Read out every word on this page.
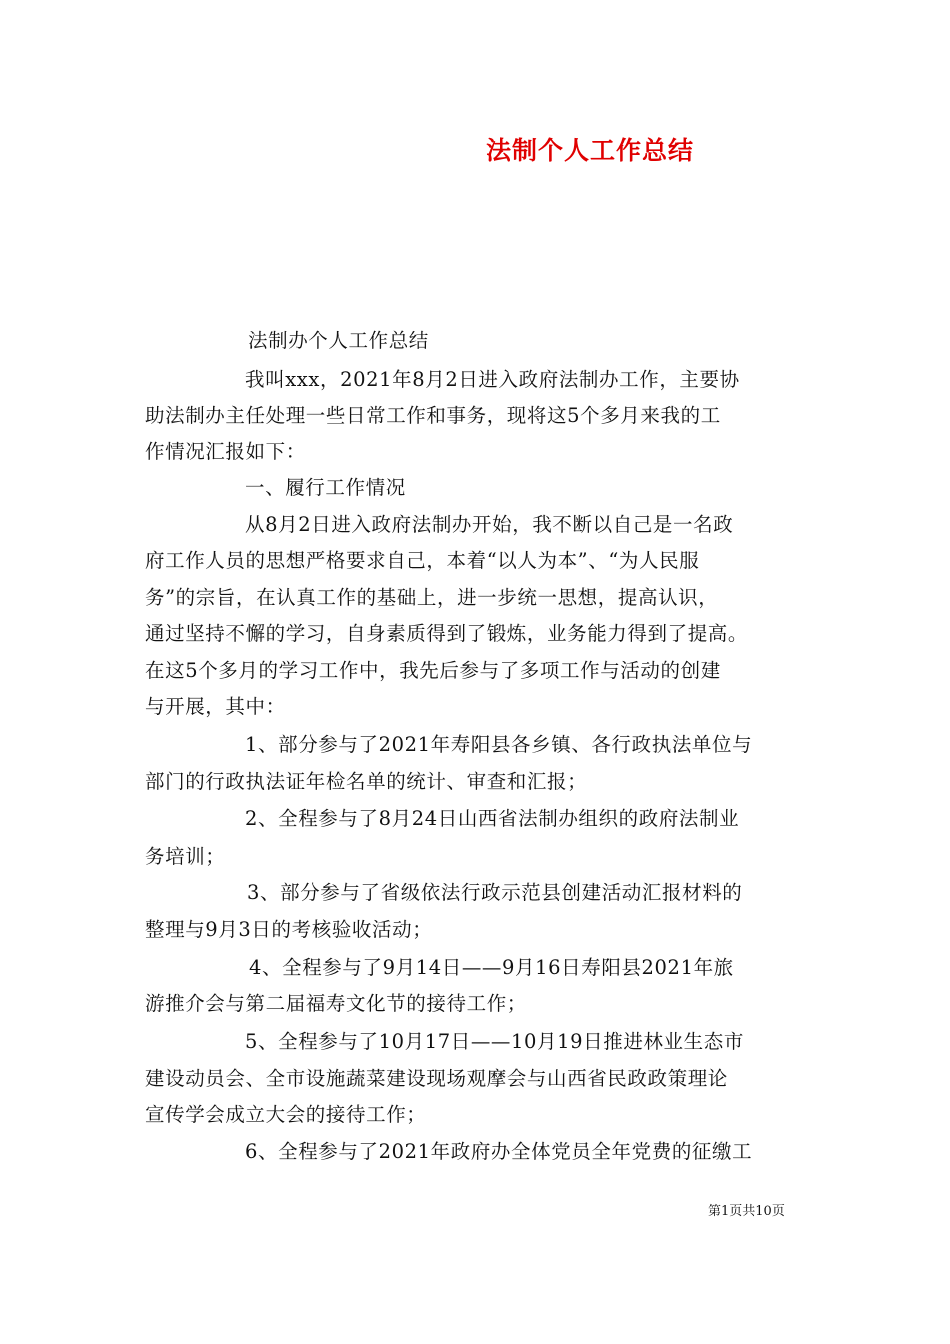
法制个人工作总结
法制办个人工作总结
我叫xxx，2021年8月2日进入政府法制办工作，主要协
助法制办主任处理一些日常工作和事务，现将这5个多月来我的工
作情况汇报如下：
一、履行工作情况
从8月2日进入政府法制办开始，我不断以自己是一名政
府工作人员的思想严格要求自己，本着“以人为本”、“为人民服
务”的宗旨，在认真工作的基础上，进一步统一思想，提高认识，
通过坚持不懈的学习，自身素质得到了锻炼，业务能力得到了提高。
在这5个多月的学习工作中，我先后参与了多项工作与活动的创建
与开展，其中：
1、部分参与了2021年寿阳县各乡镇、各行政执法单位与
部门的行政执法证年检名单的统计、审查和汇报；
2、全程参与了8月24日山西省法制办组织的政府法制业
务培训；
3、部分参与了省级依法行政示范县创建活动汇报材料的
整理与9月3日的考核验收活动；
4、全程参与了9月14日——9月16日寿阳县2021年旅
游推介会与第二届福寿文化节的接待工作；
5、全程参与了10月17日——10月19日推进林业生态市
建设动员会、全市设施蔬菜建设现场观摩会与山西省民政政策理论
宣传学会成立大会的接待工作；
6、全程参与了2021年政府办全体党员全年党费的征缴工
第1页共10页
